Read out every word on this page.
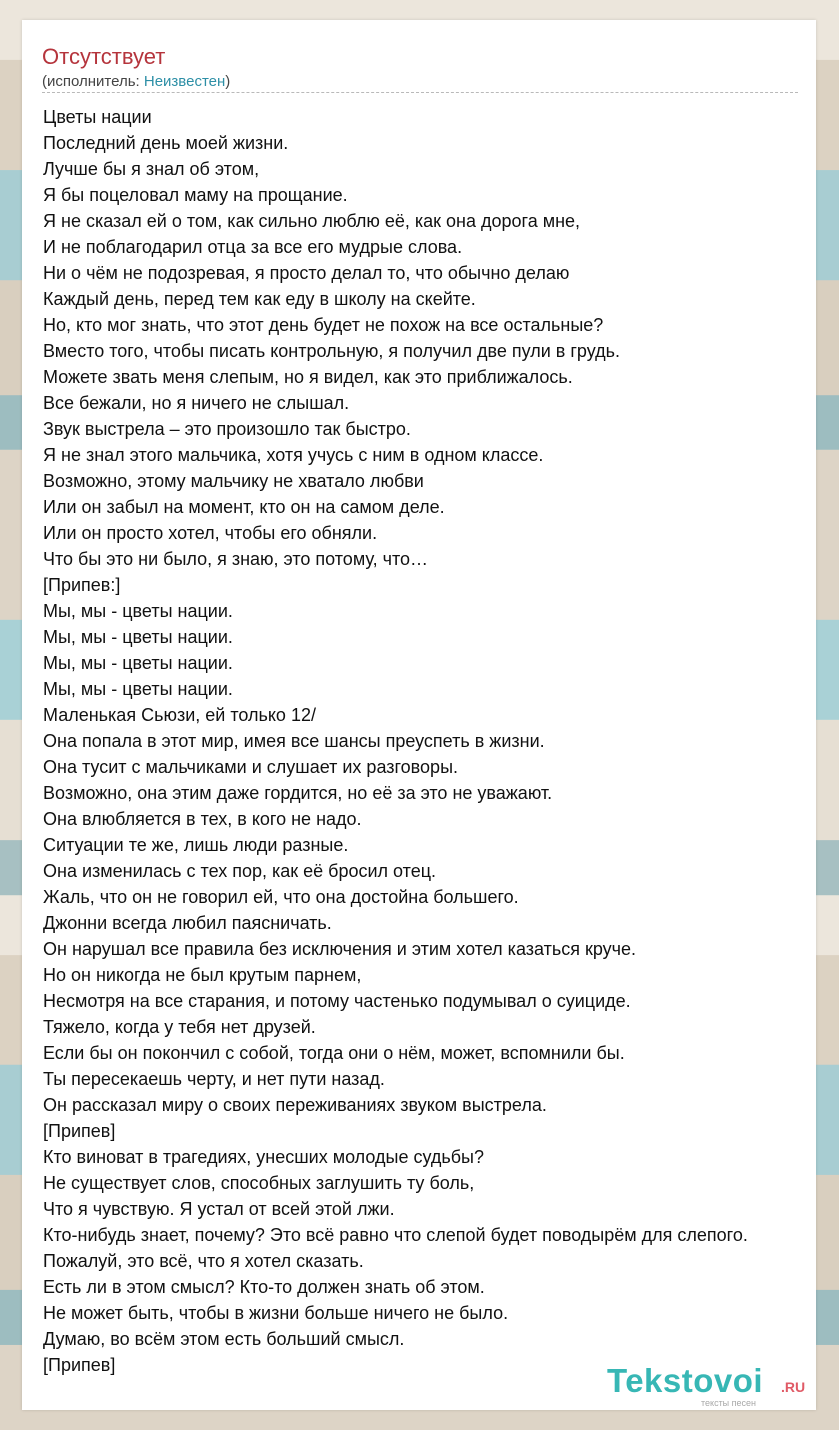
Отсутствует
(исполнитель: Неизвестен)
Цветы нации
Последний день моей жизни.
Лучше бы я знал об этом,
Я бы поцеловал маму на прощание.
Я не сказал ей о том, как сильно люблю её, как она дорога мне,
И не поблагодарил отца за все его мудрые слова.
Ни о чём не подозревая, я просто делал то, что обычно делаю
Каждый день, перед тем как еду в школу на скейте.
Но, кто мог знать, что этот день будет не похож на все остальные?
Вместо того, чтобы писать контрольную, я получил две пули в грудь.
Можете звать меня слепым, но я видел, как это приближалось.
Все бежали, но я ничего не слышал.
Звук выстрела – это произошло так быстро.
Я не знал этого мальчика, хотя учусь с ним в одном классе.
Возможно, этому мальчику не хватало любви
Или он забыл на момент, кто он на самом деле.
Или он просто хотел, чтобы его обняли.
Что бы это ни было, я знаю, это потому, что…
[Припев:]
Мы, мы - цветы нации.
Мы, мы - цветы нации.
Мы, мы - цветы нации.
Мы, мы - цветы нации.
Маленькая Сьюзи, ей только 12/
Она попала в этот мир, имея все шансы преуспеть в жизни.
Она тусит с мальчиками и слушает их разговоры.
Возможно, она этим даже гордится, но её за это не уважают.
Она влюбляется в тех, в кого не надо.
Ситуации те же, лишь люди разные.
Она изменилась с тех пор, как её бросил отец.
Жаль, что он не говорил ей, что она достойна большего.
Джонни всегда любил паясничать.
Он нарушал все правила без исключения и этим хотел казаться круче.
Но он никогда не был крутым парнем,
Несмотря на все старания, и потому частенько подумывал о суициде.
Тяжело, когда у тебя нет друзей.
Если бы он покончил с собой, тогда они о нём, может, вспомнили бы.
Ты пересекаешь черту, и нет пути назад.
Он рассказал миру о своих переживаниях звуком выстрела.
[Припев]
Кто виноват в трагедиях, унесших молодые судьбы?
Не существует слов, способных заглушить ту боль,
Что я чувствую. Я устал от всей этой лжи.
Кто-нибудь знает, почему? Это всё равно что слепой будет поводырём для слепого.
Пожалуй, это всё, что я хотел сказать.
Есть ли в этом смысл? Кто-то должен знать об этом.
Не может быть, чтобы в жизни больше ничего не было.
Думаю, во всём этом есть больший смысл.
[Припев]	Tekstovoi .RU
тексты песен
